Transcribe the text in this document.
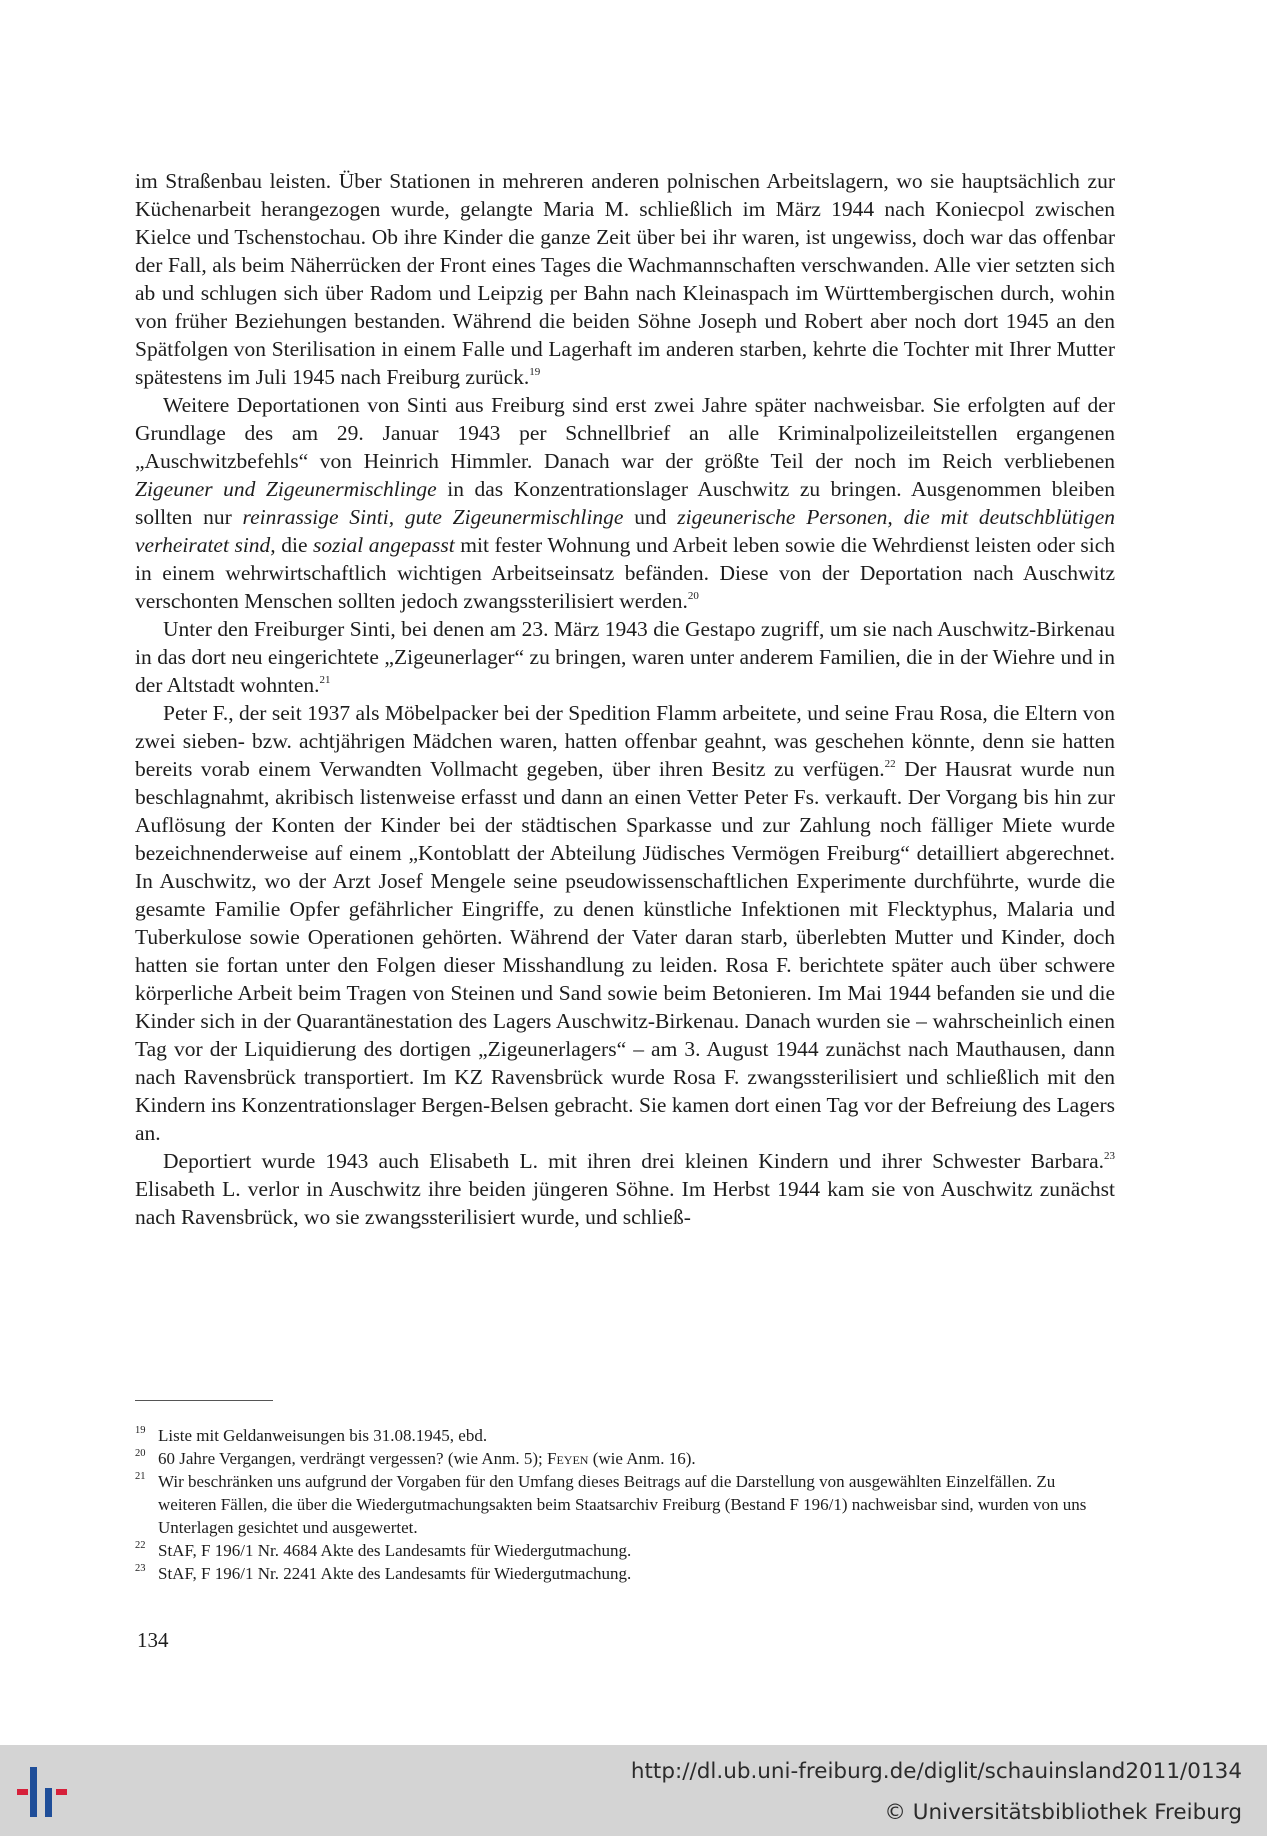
im Straßenbau leisten. Über Stationen in mehreren anderen polnischen Arbeitslagern, wo sie hauptsächlich zur Küchenarbeit herangezogen wurde, gelangte Maria M. schließlich im März 1944 nach Koniecpol zwischen Kielce und Tschenstochau. Ob ihre Kinder die ganze Zeit über bei ihr waren, ist ungewiss, doch war das offenbar der Fall, als beim Näherrücken der Front eines Tages die Wachmannschaften verschwanden. Alle vier setzten sich ab und schlugen sich über Radom und Leipzig per Bahn nach Kleinaspach im Württembergischen durch, wohin von früher Beziehungen bestanden. Während die beiden Söhne Joseph und Robert aber noch dort 1945 an den Spätfolgen von Sterilisation in einem Falle und Lagerhaft im anderen starben, kehrte die Tochter mit Ihrer Mutter spätestens im Juli 1945 nach Freiburg zurück.$^{19}$

Weitere Deportationen von Sinti aus Freiburg sind erst zwei Jahre später nachweisbar. Sie erfolgten auf der Grundlage des am 29. Januar 1943 per Schnellbrief an alle Kriminalpolizeileitstellen ergangenen „Auschwitzbefehls“ von Heinrich Himmler. Danach war der größte Teil der noch im Reich verbliebenen Zigeuner und Zigeunermischlinge in das Konzentrationslager Auschwitz zu bringen. Ausgenommen bleiben sollten nur reinrassige Sinti, gute Zigeunermischlinge und zigeunerische Personen, die mit deutschblütigen verheiratet sind, die sozial angepasst mit fester Wohnung und Arbeit leben sowie die Wehrdienst leisten oder sich in einem wehrwirtschaftlich wichtigen Arbeitseinsatz befänden. Diese von der Deportation nach Auschwitz verschonten Menschen sollten jedoch zwangssterilisiert werden.$^{20}$

Unter den Freiburger Sinti, bei denen am 23. März 1943 die Gestapo zugriff, um sie nach Auschwitz-Birkenau in das dort neu eingerichtete „Zigeunerlager“ zu bringen, waren unter anderem Familien, die in der Wiehre und in der Altstadt wohnten.$^{21}$

Peter F., der seit 1937 als Möbelpacker bei der Spedition Flamm arbeitete, und seine Frau Rosa, die Eltern von zwei sieben- bzw. achtjährigen Mädchen waren, hatten offenbar geahnt, was geschehen könnte, denn sie hatten bereits vorab einem Verwandten Vollmacht gegeben, über ihren Besitz zu verfügen.$^{22}$ Der Hausrat wurde nun beschlagnahmt, akribisch listenweise erfasst und dann an einen Vetter Peter Fs. verkauft. Der Vorgang bis hin zur Auflösung der Konten der Kinder bei der städtischen Sparkasse und zur Zahlung noch fälliger Miete wurde bezeichnenderweise auf einem „Kontoblatt der Abteilung Jüdisches Vermögen Freiburg“ detailliert abgerechnet. In Auschwitz, wo der Arzt Josef Mengele seine pseudowissenschaftlichen Experimente durchführte, wurde die gesamte Familie Opfer gefährlicher Eingriffe, zu denen künstliche Infektionen mit Flecktyphus, Malaria und Tuberkulose sowie Operationen gehörten. Während der Vater daran starb, überlebten Mutter und Kinder, doch hatten sie fortan unter den Folgen dieser Misshandlung zu leiden. Rosa F. berichtete später auch über schwere körperliche Arbeit beim Tragen von Steinen und Sand sowie beim Betonieren. Im Mai 1944 befanden sie und die Kinder sich in der Quarantänestation des Lagers Auschwitz-Birkenau. Danach wurden sie – wahrscheinlich einen Tag vor der Liquidierung des dortigen „Zigeunerlagers“ – am 3. August 1944 zunächst nach Mauthausen, dann nach Ravensbrück transportiert. Im KZ Ravensbrück wurde Rosa F. zwangssterilisiert und schließlich mit den Kindern ins Konzentrationslager Bergen-Belsen gebracht. Sie kamen dort einen Tag vor der Befreiung des Lagers an.

Deportiert wurde 1943 auch Elisabeth L. mit ihren drei kleinen Kindern und ihrer Schwester Barbara.$^{23}$ Elisabeth L. verlor in Auschwitz ihre beiden jüngeren Söhne. Im Herbst 1944 kam sie von Auschwitz zunächst nach Ravensbrück, wo sie zwangssterilisiert wurde, und schließ-

19 Liste mit Geldanweisungen bis 31.08.1945, ebd.
20 60 Jahre Vergangen, verdrängt vergessen? (wie Anm. 5); Feyen (wie Anm. 16).
21 Wir beschränken uns aufgrund der Vorgaben für den Umfang dieses Beitrags auf die Darstellung von ausgewählten Einzelfällen. Zu weiteren Fällen, die über die Wiedergutmachungsakten beim Staatsarchiv Freiburg (Bestand F 196/1) nachweisbar sind, wurden von uns Unterlagen gesichtet und ausgewertet.
22 StAF, F 196/1 Nr. 4684 Akte des Landesamts für Wiedergutmachung.
23 StAF, F 196/1 Nr. 2241 Akte des Landesamts für Wiedergutmachung.
134
http://dl.ub.uni-freiburg.de/diglit/schauinsland2011/0134
© Universitätsbibliothek Freiburg
